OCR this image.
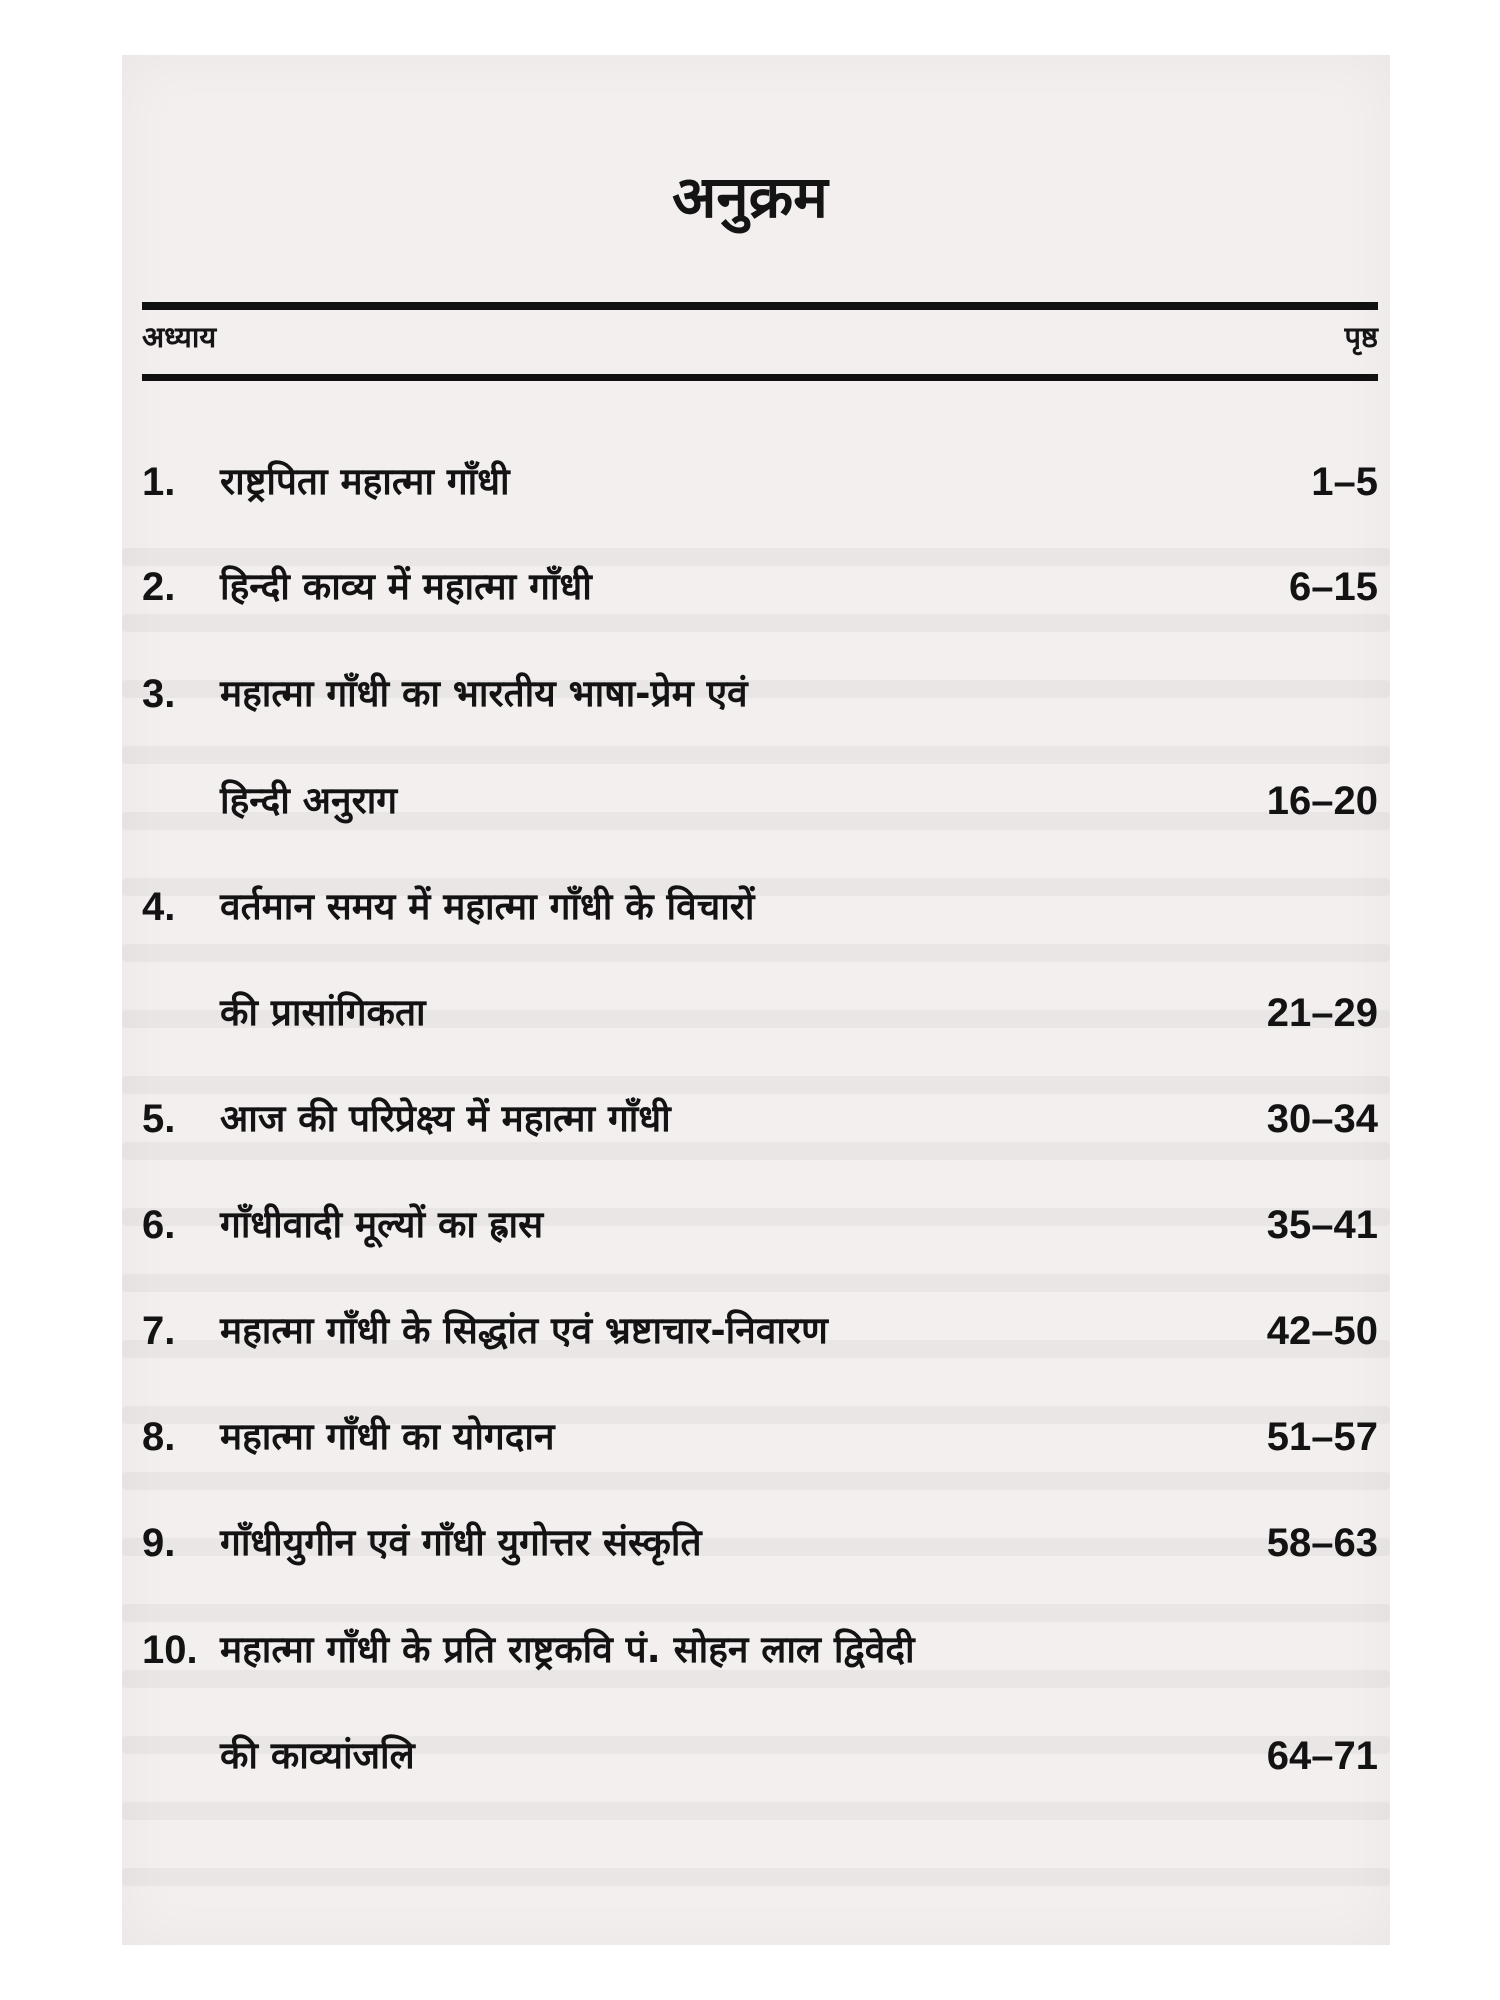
अनुक्रम
अध्याय	पृष्ठ
1. राष्ट्रपिता महात्मा गाँधी	1–5
2. हिन्दी काव्य में महात्मा गाँधी	6–15
3. महात्मा गाँधी का भारतीय भाषा-प्रेम एवं
हिन्दी अनुराग	16–20
4. वर्तमान समय में महात्मा गाँधी के विचारों
की प्रासांगिकता	21–29
5. आज की परिप्रेक्ष्य में महात्मा गाँधी	30–34
6. गाँधीवादी मूल्यों का ह्रास	35–41
7. महात्मा गाँधी के सिद्धांत एवं भ्रष्टाचार-निवारण	42–50
8. महात्मा गाँधी का योगदान	51–57
9. गाँधीयुगीन एवं गाँधी युगोत्तर संस्कृति	58–63
10. महात्मा गाँधी के प्रति राष्ट्रकवि पं. सोहन लाल द्विवेदी
की काव्यांजलि	64–71
